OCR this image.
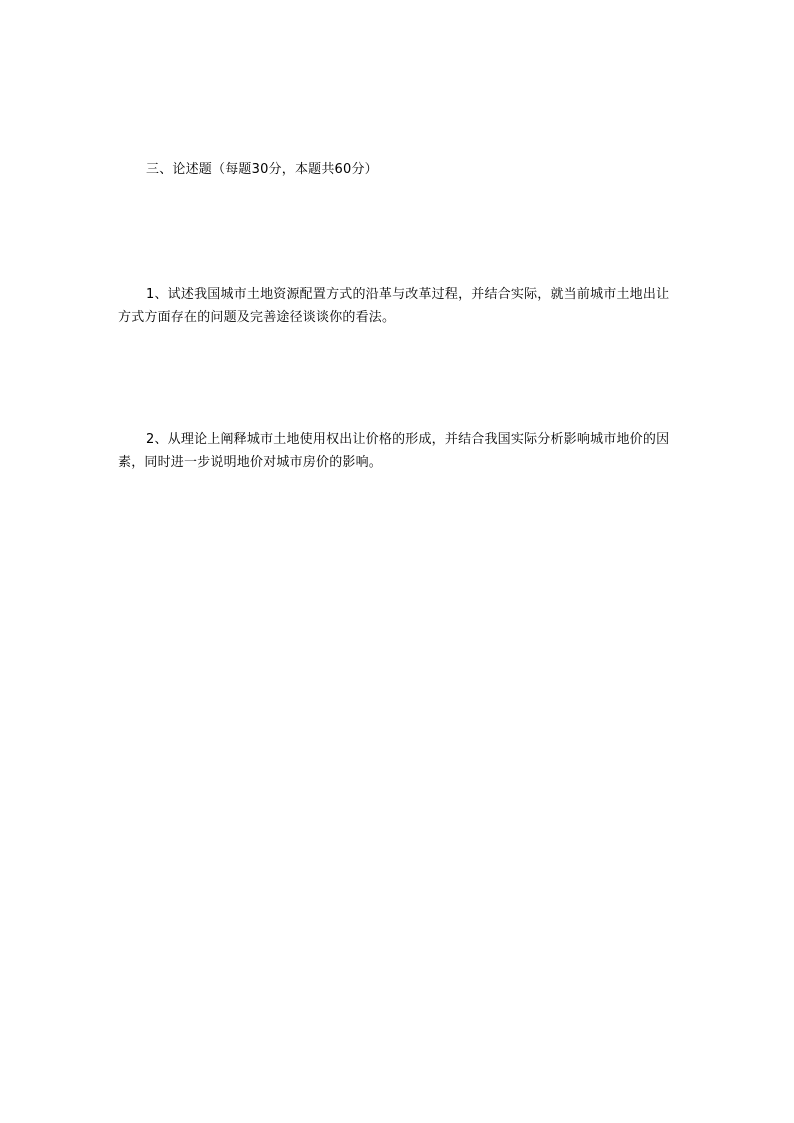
三、论述题（每题30分，本题共60分）
1、试述我国城市土地资源配置方式的沿革与改革过程，并结合实际，就当前城市土地出让方式方面存在的问题及完善途径谈谈你的看法。
2、从理论上阐释城市土地使用权出让价格的形成，并结合我国实际分析影响城市地价的因素，同时进一步说明地价对城市房价的影响。
